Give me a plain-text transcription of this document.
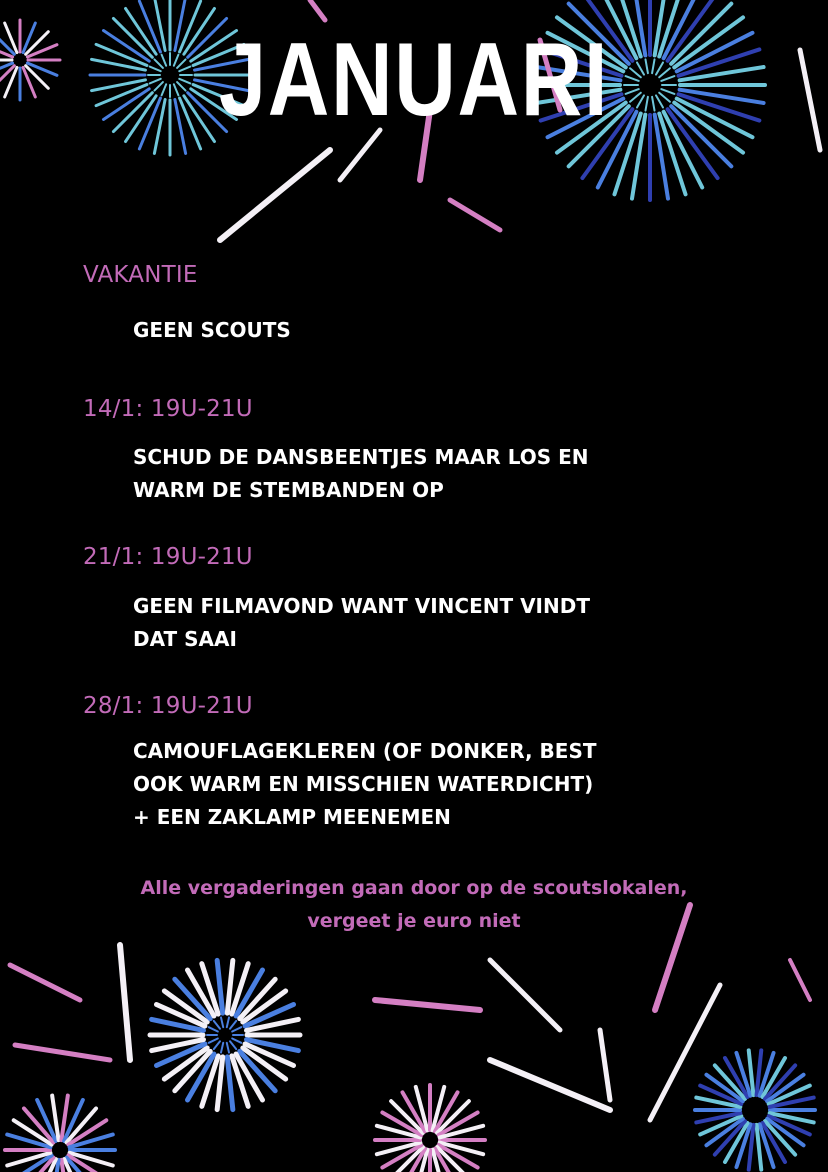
JANUARI
VAKANTIE
GEEN SCOUTS
14/1: 19U-21U
SCHUD DE DANSBEENTJES MAAR LOS EN
WARM DE STEMBANDEN OP
21/1: 19U-21U
GEEN FILMAVOND WANT VINCENT VINDT
DAT SAAI
28/1: 19U-21U
CAMOUFLAGEKLEREN (OF DONKER, BEST
OOK WARM EN MISSCHIEN WATERDICHT)
+ EEN ZAKLAMP MEENEMEN
Alle vergaderingen gaan door op de scoutslokalen,
vergeet je euro niet
